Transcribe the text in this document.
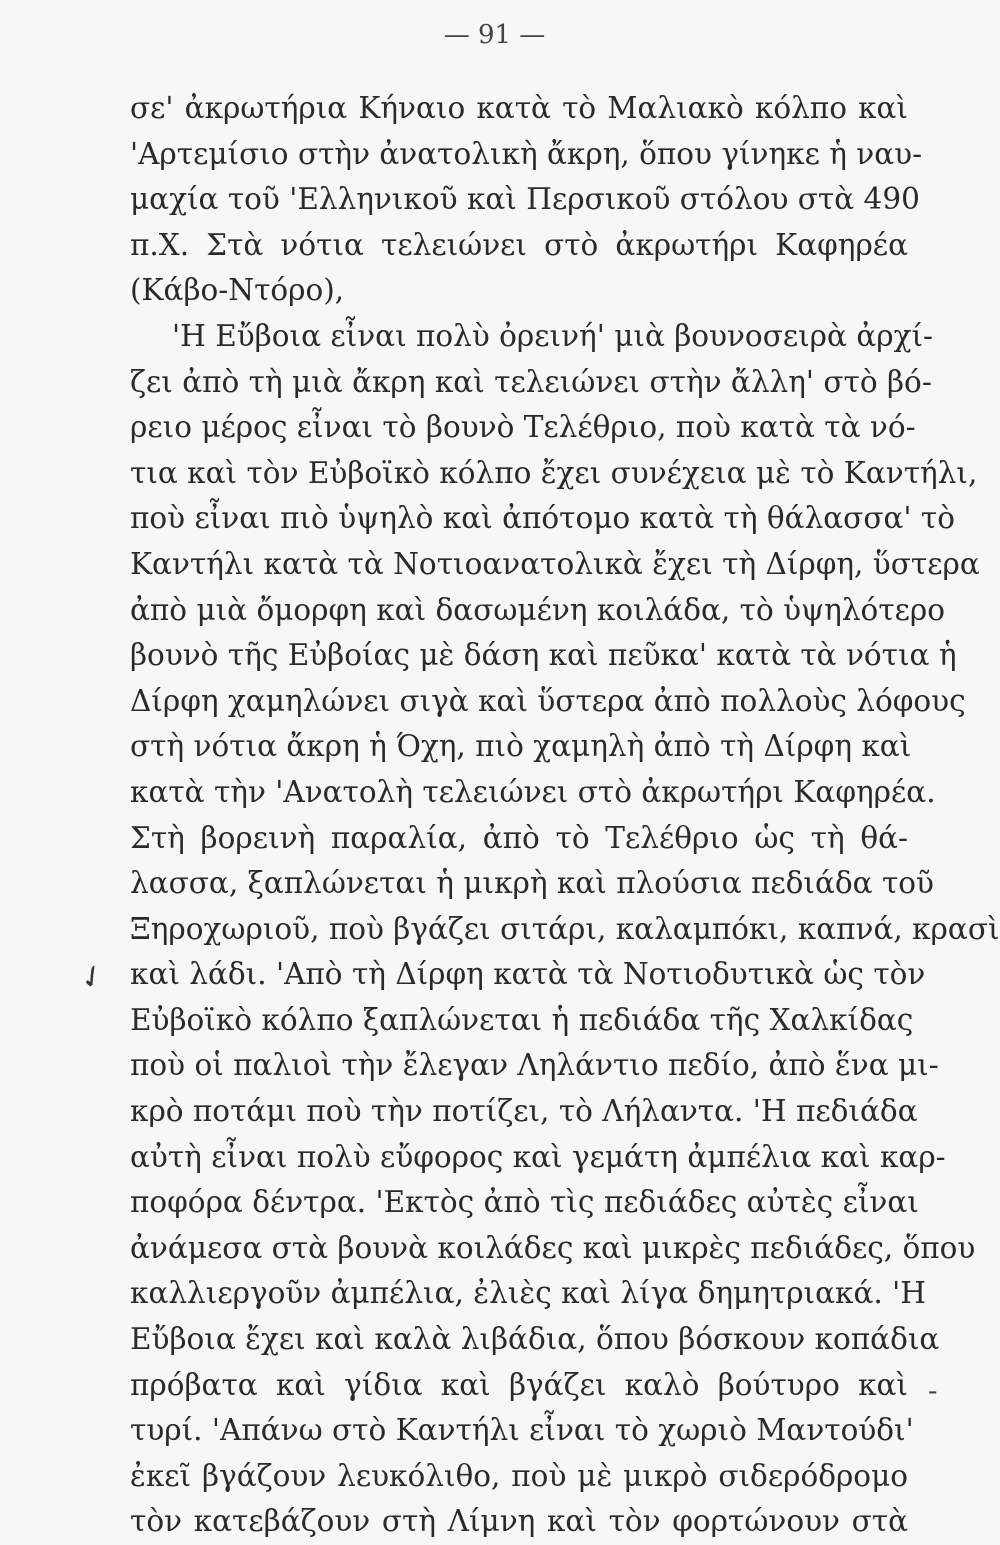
— 91 —
σε' ἀκρωτήρια Κήναιο κατὰ τὸ Μαλιακὸ κόλπο καὶ
'Αρτεμίσιο στὴν ἀνατολικὴ ἄκρη, ὅπου γίνηκε ἡ ναυ-
μαχία τοῦ 'Ελληνικοῦ καὶ Περσικοῦ στόλου στὰ 490
π.Χ. Στὰ νότια τελειώνει στὸ ἀκρωτήρι Καφηρέα
(Κάβο-Ντόρο),
'Η Εὔβοια εἶναι πολὺ ὀρεινή' μιὰ βουνοσειρὰ ἀρχί-
ζει ἀπὸ τὴ μιὰ ἄκρη καὶ τελειώνει στὴν ἄλλη' στὸ βό-
ρειο μέρος εἶναι τὸ βουνὸ Τελέθριο, ποὺ κατὰ τὰ νό-
τια καὶ τὸν Εὐβοϊκὸ κόλπο ἔχει συνέχεια μὲ τὸ Καντήλι,
ποὺ εἶναι πιὸ ὑψηλὸ καὶ ἀπότομο κατὰ τὴ θάλασσα' τὸ
Καντήλι κατὰ τὰ Νοτιοανατολικὰ ἔχει τὴ Δίρφη, ὕστερα
ἀπὸ μιὰ ὄμορφη καὶ δασωμένη κοιλάδα, τὸ ὑψηλότερο
βουνὸ τῆς Εὐβοίας μὲ δάση καὶ πεῦκα' κατὰ τὰ νότια ἡ
Δίρφη χαμηλώνει σιγὰ καὶ ὕστερα ἀπὸ πολλοὺς λόφους
στὴ νότια ἄκρη ἡ Όχη, πιὸ χαμηλὴ ἀπὸ τὴ Δίρφη καὶ
κατὰ τὴν 'Ανατολὴ τελειώνει στὸ ἀκρωτήρι Καφηρέα.
Στὴ βορεινὴ παραλία, ἀπὸ τὸ Τελέθριο ὡς τὴ θά-
λασσα, ξαπλώνεται ἡ μικρὴ καὶ πλούσια πεδιάδα τοῦ
Ξηροχωριοῦ, ποὺ βγάζει σιτάρι, καλαμπόκι, καπνά, κρασὶ
καὶ λάδι. 'Απὸ τὴ Δίρφη κατὰ τὰ Νοτιοδυτικὰ ὡς τὸν
Εὐβοϊκὸ κόλπο ξαπλώνεται ἡ πεδιάδα τῆς Χαλκίδας
ποὺ οἱ παλιοὶ τὴν ἔλεγαν Ληλάντιο πεδίο, ἀπὸ ἕνα μι-
κρὸ ποτάμι ποὺ τὴν ποτίζει, τὸ Λήλαντα. 'Η πεδιάδα
αὐτὴ εἶναι πολὺ εὔφορος καὶ γεμάτη ἀμπέλια καὶ καρ-
ποφόρα δέντρα. 'Εκτὸς ἀπὸ τὶς πεδιάδες αὐτὲς εἶναι
ἀνάμεσα στὰ βουνὰ κοιλάδες καὶ μικρὲς πεδιάδες, ὅπου
καλλιεργοῦν ἀμπέλια, ἐλιὲς καὶ λίγα δημητριακά. 'Η
Εὔβοια ἔχει καὶ καλὰ λιβάδια, ὅπου βόσκουν κοπάδια
πρόβατα καὶ γίδια καὶ βγάζει καλὸ βούτυρο καὶ
τυρί. 'Απάνω στὸ Καντήλι εἶναι τὸ χωριὸ Μαντούδι'
ἐκεῖ βγάζουν λευκόλιθο, ποὺ μὲ μικρὸ σιδερόδρομο
τὸν κατεβάζουν στὴ Λίμνη καὶ τὸν φορτώνουν στὰ
✓
-
